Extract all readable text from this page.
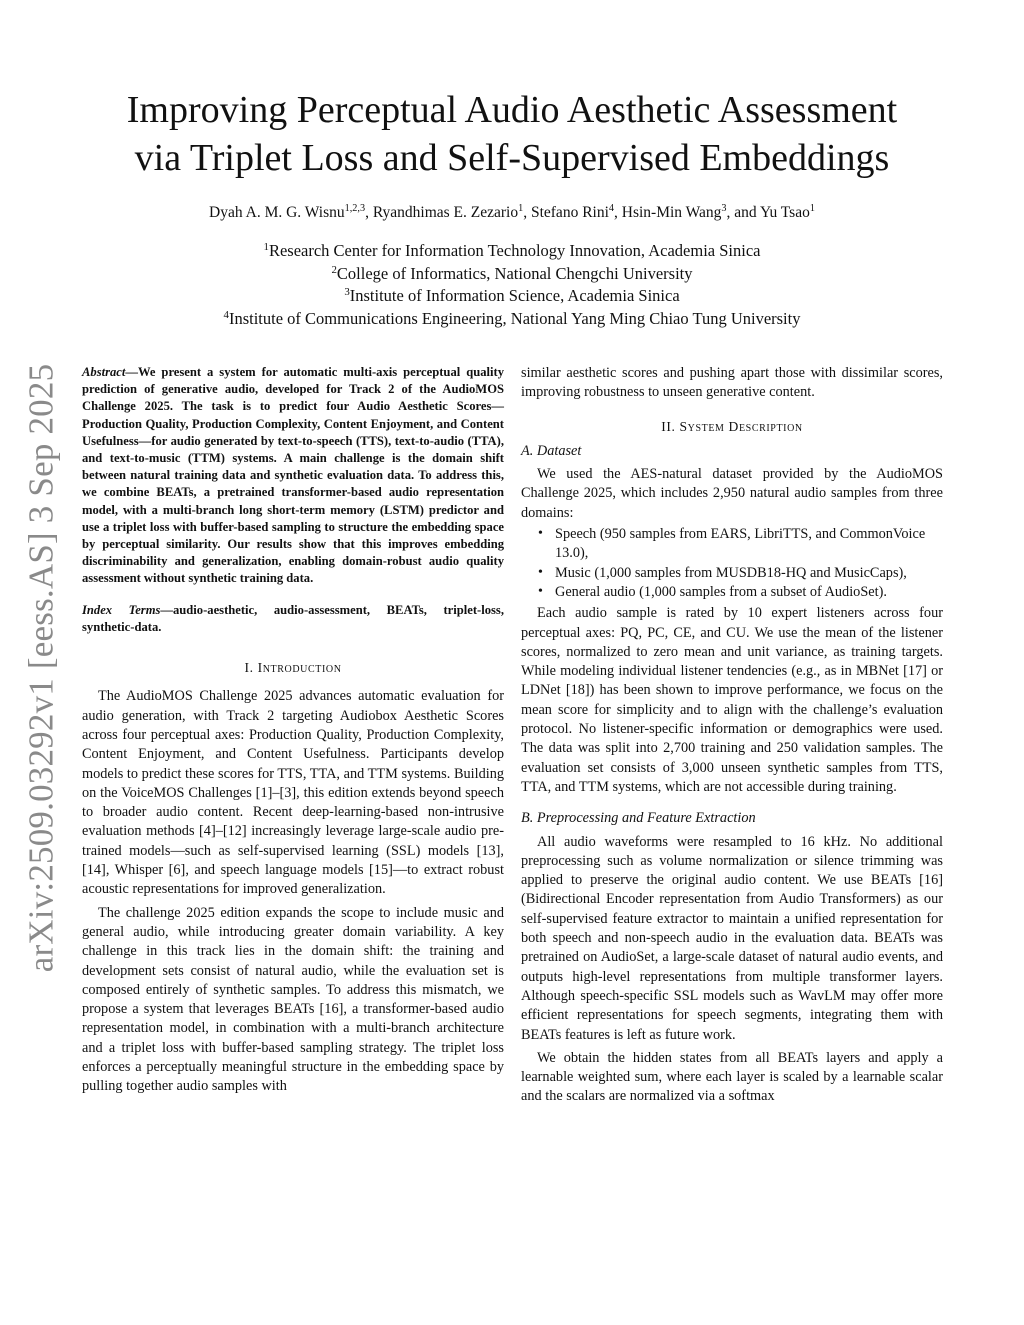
arXiv:2509.03292v1 [eess.AS] 3 Sep 2025
Improving Perceptual Audio Aesthetic Assessment
via Triplet Loss and Self-Supervised Embeddings
Dyah A. M. G. Wisnu$^{1,2,3}$, Ryandhimas E. Zezario$^1$, Stefano Rini$^4$, Hsin-Min Wang$^3$, and Yu Tsao$^1$
$^1$Research Center for Information Technology Innovation, Academia Sinica
$^2$College of Informatics, National Chengchi University
$^3$Institute of Information Science, Academia Sinica
$^4$Institute of Communications Engineering, National Yang Ming Chiao Tung University

Abstract—We present a system for automatic multi-axis perceptual quality prediction of generative audio, developed for Track 2 of the AudioMOS Challenge 2025. The task is to predict four Audio Aesthetic Scores—Production Quality, Production Complexity, Content Enjoyment, and Content Usefulness—for audio generated by text-to-speech (TTS), text-to-audio (TTA), and text-to-music (TTM) systems. A main challenge is the domain shift between natural training data and synthetic evaluation data. To address this, we combine BEATs, a pretrained transformer-based audio representation model, with a multi-branch long short-term memory (LSTM) predictor and use a triplet loss with buffer-based sampling to structure the embedding space by perceptual similarity. Our results show that this improves embedding discriminability and generalization, enabling domain-robust audio quality assessment without synthetic training data.

Index Terms—audio-aesthetic, audio-assessment, BEATs, triplet-loss, synthetic-data.

I. Introduction

The AudioMOS Challenge 2025 advances automatic evaluation for audio generation, with Track 2 targeting Audiobox Aesthetic Scores across four perceptual axes: Production Quality, Production Complexity, Content Enjoyment, and Content Usefulness. Participants develop models to predict these scores for TTS, TTA, and TTM systems. Building on the VoiceMOS Challenges [1]–[3], this edition extends beyond speech to broader audio content. Recent deep-learning-based non-intrusive evaluation methods [4]–[12] increasingly leverage large-scale audio pre-trained models—such as self-supervised learning (SSL) models [13], [14], Whisper [6], and speech language models [15]—to extract robust acoustic representations for improved generalization.

The challenge 2025 edition expands the scope to include music and general audio, while introducing greater domain variability. A key challenge in this track lies in the domain shift: the training and development sets consist of natural audio, while the evaluation set is composed entirely of synthetic samples. To address this mismatch, we propose a system that leverages BEATs [16], a transformer-based audio representation model, in combination with a multi-branch architecture and a triplet loss with buffer-based sampling strategy. The triplet loss enforces a perceptually meaningful structure in the embedding space by pulling together audio samples with

similar aesthetic scores and pushing apart those with dissimilar scores, improving robustness to unseen generative content.

II. System Description
A. Dataset

We used the AES-natural dataset provided by the AudioMOS Challenge 2025, which includes 2,950 natural audio samples from three domains:

• Speech (950 samples from EARS, LibriTTS, and CommonVoice 13.0),
• Music (1,000 samples from MUSDB18-HQ and MusicCaps),
• General audio (1,000 samples from a subset of AudioSet).

Each audio sample is rated by 10 expert listeners across four perceptual axes: PQ, PC, CE, and CU. We use the mean of the listener scores, normalized to zero mean and unit variance, as training targets. While modeling individual listener tendencies (e.g., as in MBNet [17] or LDNet [18]) has been shown to improve performance, we focus on the mean score for simplicity and to align with the challenge’s evaluation protocol. No listener-specific information or demographics were used. The data was split into 2,700 training and 250 validation samples. The evaluation set consists of 3,000 unseen synthetic samples from TTS, TTA, and TTM systems, which are not accessible during training.

B. Preprocessing and Feature Extraction

All audio waveforms were resampled to 16 kHz. No additional preprocessing such as volume normalization or silence trimming was applied to preserve the original audio content. We use BEATs [16] (Bidirectional Encoder representation from Audio Transformers) as our self-supervised feature extractor to maintain a unified representation for both speech and non-speech audio in the evaluation data. BEATs was pretrained on AudioSet, a large-scale dataset of natural audio events, and outputs high-level representations from multiple transformer layers. Although speech-specific SSL models such as WavLM may offer more efficient representations for speech segments, integrating them with BEATs features is left as future work.

We obtain the hidden states from all BEATs layers and apply a learnable weighted sum, where each layer is scaled by a learnable scalar and the scalars are normalized via a softmax
